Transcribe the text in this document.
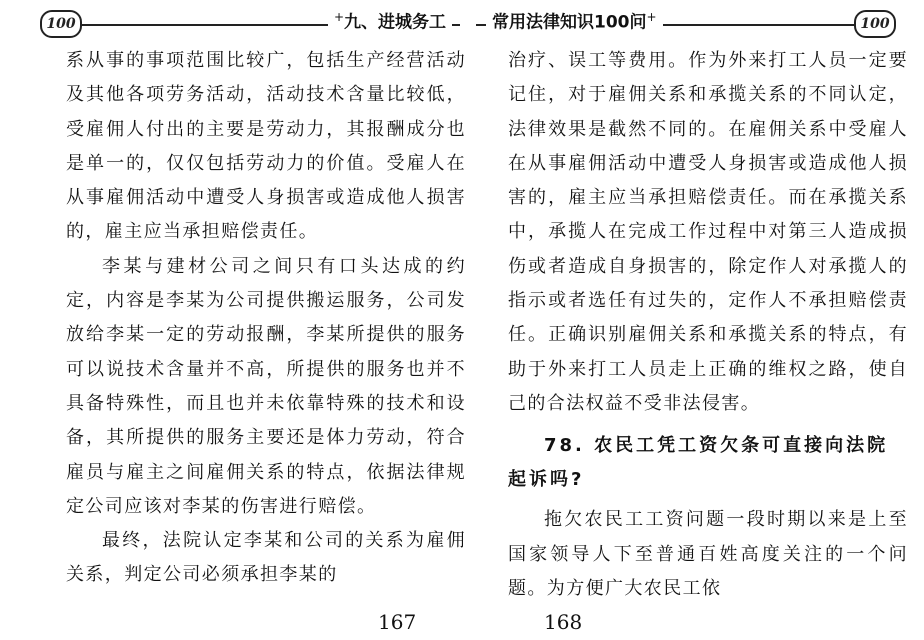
100	+九、进城务工

系从事的事项范围比较广，包括生产经营活动及其他各项劳务活动，活动技术含量比较低，受雇佣人付出的主要是劳动力，其报酬成分也是单一的，仅仅包括劳动力的价值。受雇人在从事雇佣活动中遭受人身损害或造成他人损害的，雇主应当承担赔偿责任。

李某与建材公司之间只有口头达成的约定，内容是李某为公司提供搬运服务，公司发放给李某一定的劳动报酬，李某所提供的服务可以说技术含量并不高，所提供的服务也并不具备特殊性，而且也并未依靠特殊的技术和设备，其所提供的服务主要还是体力劳动，符合雇员与雇主之间雇佣关系的特点，依据法律规定公司应该对李某的伤害进行赔偿。

最终，法院认定李某和公司的关系为雇佣关系，判定公司必须承担李某的

167
100
常用法律知识100问+

治疗、误工等费用。作为外来打工人员一定要记住，对于雇佣关系和承揽关系的不同认定，法律效果是截然不同的。在雇佣关系中受雇人在从事雇佣活动中遭受人身损害或造成他人损害的，雇主应当承担赔偿责任。而在承揽关系中，承揽人在完成工作过程中对第三人造成损伤或者造成自身损害的，除定作人对承揽人的指示或者选任有过失的，定作人不承担赔偿责任。正确识别雇佣关系和承揽关系的特点，有助于外来打工人员走上正确的维权之路，使自己的合法权益不受非法侵害。

78. 农民工凭工资欠条可直接向法院起诉吗?

拖欠农民工工资问题一段时期以来是上至国家领导人下至普通百姓高度关注的一个问题。为方便广大农民工依

168
